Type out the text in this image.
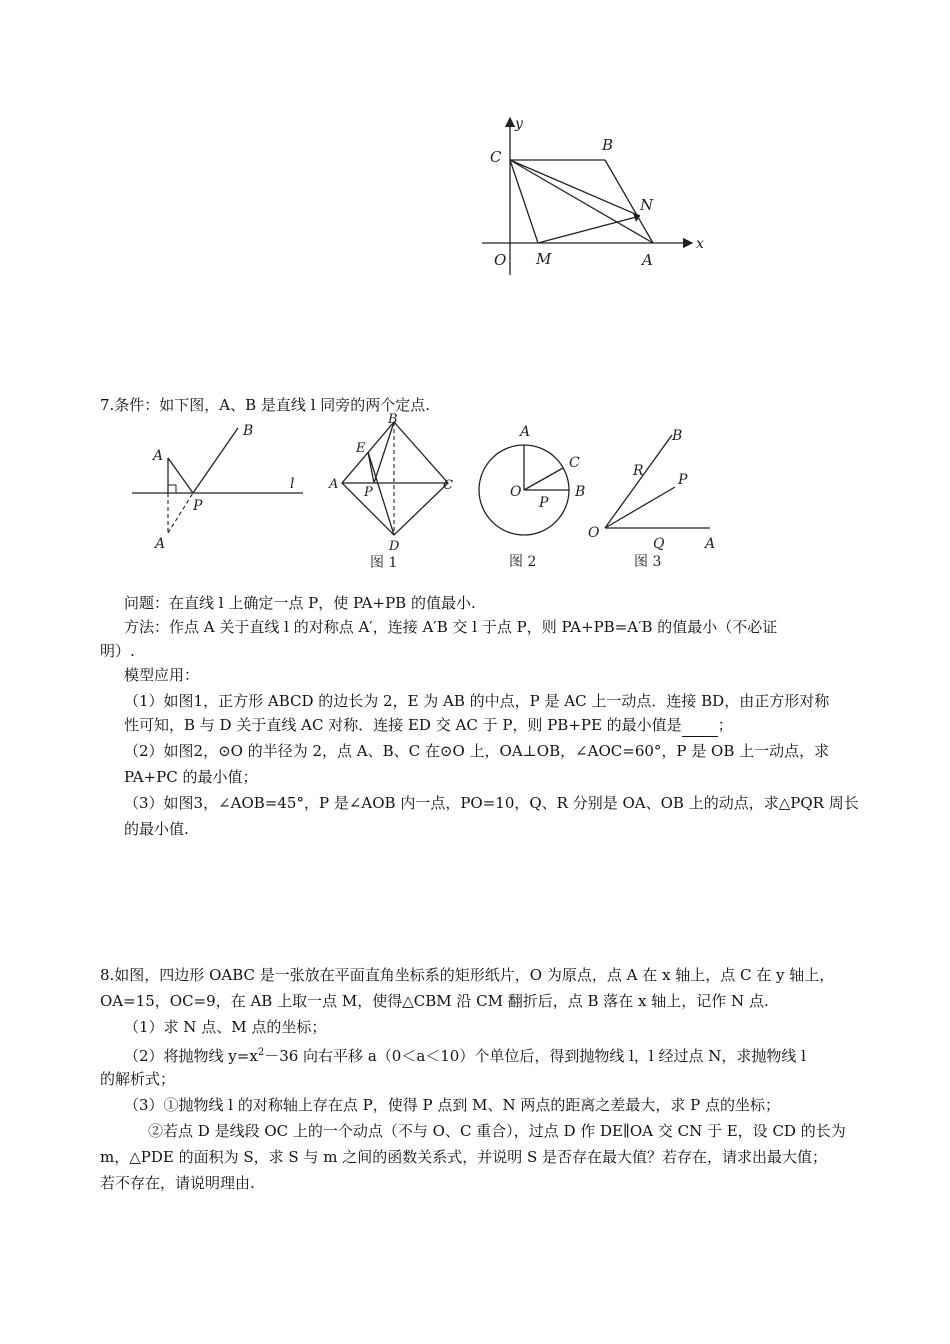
y
x
C
B
N
O M	A
7.条件：如下图，A、B 是直线 l 同旁的两个定点.
A
B
l
P
A
B
E
A
P	C
D
图 1
A
C
O
P
B
图 2
B
R
P
O
Q	A
图 3
问题：在直线 l 上确定一点 P，使 PA+PB 的值最小.
方法：作点 A 关于直线 l 的对称点 A′，连接 A′B 交 l 于点 P，则 PA+PB=A′B 的值最小（不必证
明）.
模型应用：
（1）如图1，正方形 ABCD 的边长为 2，E 为 AB 的中点，P 是 AC 上一动点．连接 BD，由正方形对称
性可知，B 与 D 关于直线 AC 对称．连接 ED 交 AC 于 P，则 PB+PE 的最小值是 ；
（2）如图2，⊙O 的半径为 2，点 A、B、C 在⊙O 上，OA⊥OB，∠AOC=60°，P 是 OB 上一动点，求
PA+PC 的最小值；
（3）如图3，∠AOB=45°，P 是∠AOB 内一点，PO=10，Q、R 分别是 OA、OB 上的动点，求△PQR 周长
的最小值.
8.如图，四边形 OABC 是一张放在平面直角坐标系的矩形纸片，O 为原点，点 A 在 x 轴上，点 C 在 y 轴上，
OA=15，OC=9，在 AB 上取一点 M，使得△CBM 沿 CM 翻折后，点 B 落在 x 轴上，记作 N 点.
（1）求 N 点、M 点的坐标；
（2）将抛物线 $y=x^2-36$ 向右平移 a（0＜a＜10）个单位后，得到抛物线 l，l 经过点 N，求抛物线 l
的解析式；
（3）①抛物线 l 的对称轴上存在点 P，使得 P 点到 M、N 两点的距离之差最大，求 P 点的坐标；
②若点 D 是线段 OC 上的一个动点（不与 O、C 重合），过点 D 作 DE∥OA 交 CN 于 E，设 CD 的长为
m，△PDE 的面积为 S，求 S 与 m 之间的函数关系式，并说明 S 是否存在最大值？若存在，请求出最大值；
若不存在，请说明理由.
